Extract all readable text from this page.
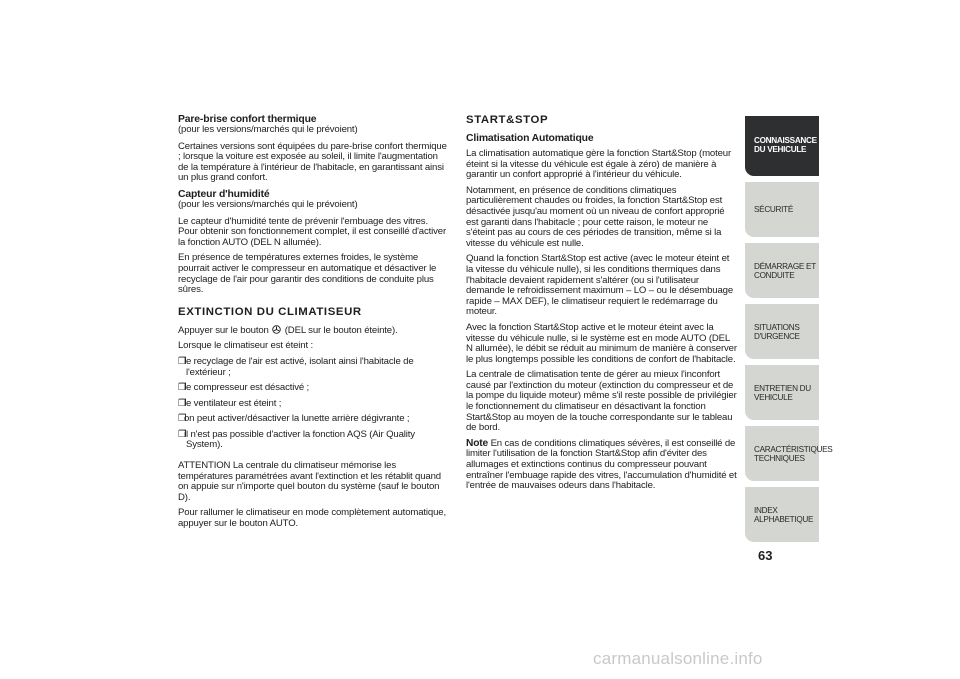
Pare-brise confort thermique

(pour les versions/marchés qui le prévoient)

Certaines versions sont équipées du pare-brise confort thermique ; lorsque la voiture est exposée au soleil, il limite l'augmentation de la température à l'intérieur de l'habitacle, en garantissant ainsi un plus grand confort.

Capteur d'humidité

(pour les versions/marchés qui le prévoient)

Le capteur d'humidité tente de prévenir l'embuage des vitres. Pour obtenir son fonctionnement complet, il est conseillé d'activer la fonction AUTO (DEL N allumée).

En présence de températures externes froides, le système pourrait activer le compresseur en automatique et désactiver le recyclage de l'air pour garantir des conditions de conduite plus sûres.

EXTINCTION DU CLIMATISEUR

Appuyer sur le bouton (DEL sur le bouton éteinte).

Lorsque le climatiseur est éteint :

❒le recyclage de l'air est activé, isolant ainsi l'habitacle de l'extérieur ;

❒le compresseur est désactivé ;

❒le ventilateur est éteint ;

❒on peut activer/désactiver la lunette arrière dégivrante ;

❒il n'est pas possible d'activer la fonction AQS (Air Quality System).

ATTENTION La centrale du climatiseur mémorise les températures paramétrées avant l'extinction et les rétablit quand on appuie sur n'importe quel bouton du système (sauf le bouton D).

Pour rallumer le climatiseur en mode complètement automatique, appuyer sur le bouton AUTO.

START&STOP
Climatisation Automatique

La climatisation automatique gère la fonction Start&Stop (moteur éteint si la vitesse du véhicule est égale à zéro) de manière à garantir un confort approprié à l'intérieur du véhicule.

Notamment, en présence de conditions climatiques particulièrement chaudes ou froides, la fonction Start&Stop est désactivée jusqu'au moment où un niveau de confort approprié est garanti dans l'habitacle ; pour cette raison, le moteur ne s'éteint pas au cours de ces périodes de transition, même si la vitesse du véhicule est nulle.

Quand la fonction Start&Stop est active (avec le moteur éteint et la vitesse du véhicule nulle), si les conditions thermiques dans l'habitacle devaient rapidement s'altérer (ou si l'utilisateur demande le refroidissement maximum – LO – ou le désembuage rapide – MAX DEF), le climatiseur requiert le redémarrage du moteur.

Avec la fonction Start&Stop active et le moteur éteint avec la vitesse du véhicule nulle, si le système est en mode AUTO (DEL N allumée), le débit se réduit au minimum de manière à conserver le plus longtemps possible les conditions de confort de l'habitacle.

La centrale de climatisation tente de gérer au mieux l'inconfort causé par l'extinction du moteur (extinction du compresseur et de la pompe du liquide moteur) même s'il reste possible de privilégier le fonctionnement du climatiseur en désactivant la fonction Start&Stop au moyen de la touche correspondante sur le tableau de bord.

Note En cas de conditions climatiques sévères, il est conseillé de limiter l'utilisation de la fonction Start&Stop afin d'éviter des allumages et extinctions continus du compresseur pouvant entraîner l'embuage rapide des vitres, l'accumulation d'humidité et l'entrée de mauvaises odeurs dans l'habitacle.

CONNAISSANCE
DU VEHICULE
SÉCURITÉ
DÉMARRAGE ET
CONDUITE
SITUATIONS
D'URGENCE
ENTRETIEN DU
VEHICULE
CARACTÉRISTIQUES
TECHNIQUES
INDEX
ALPHABETIQUE
63
carmanualsonline.info
